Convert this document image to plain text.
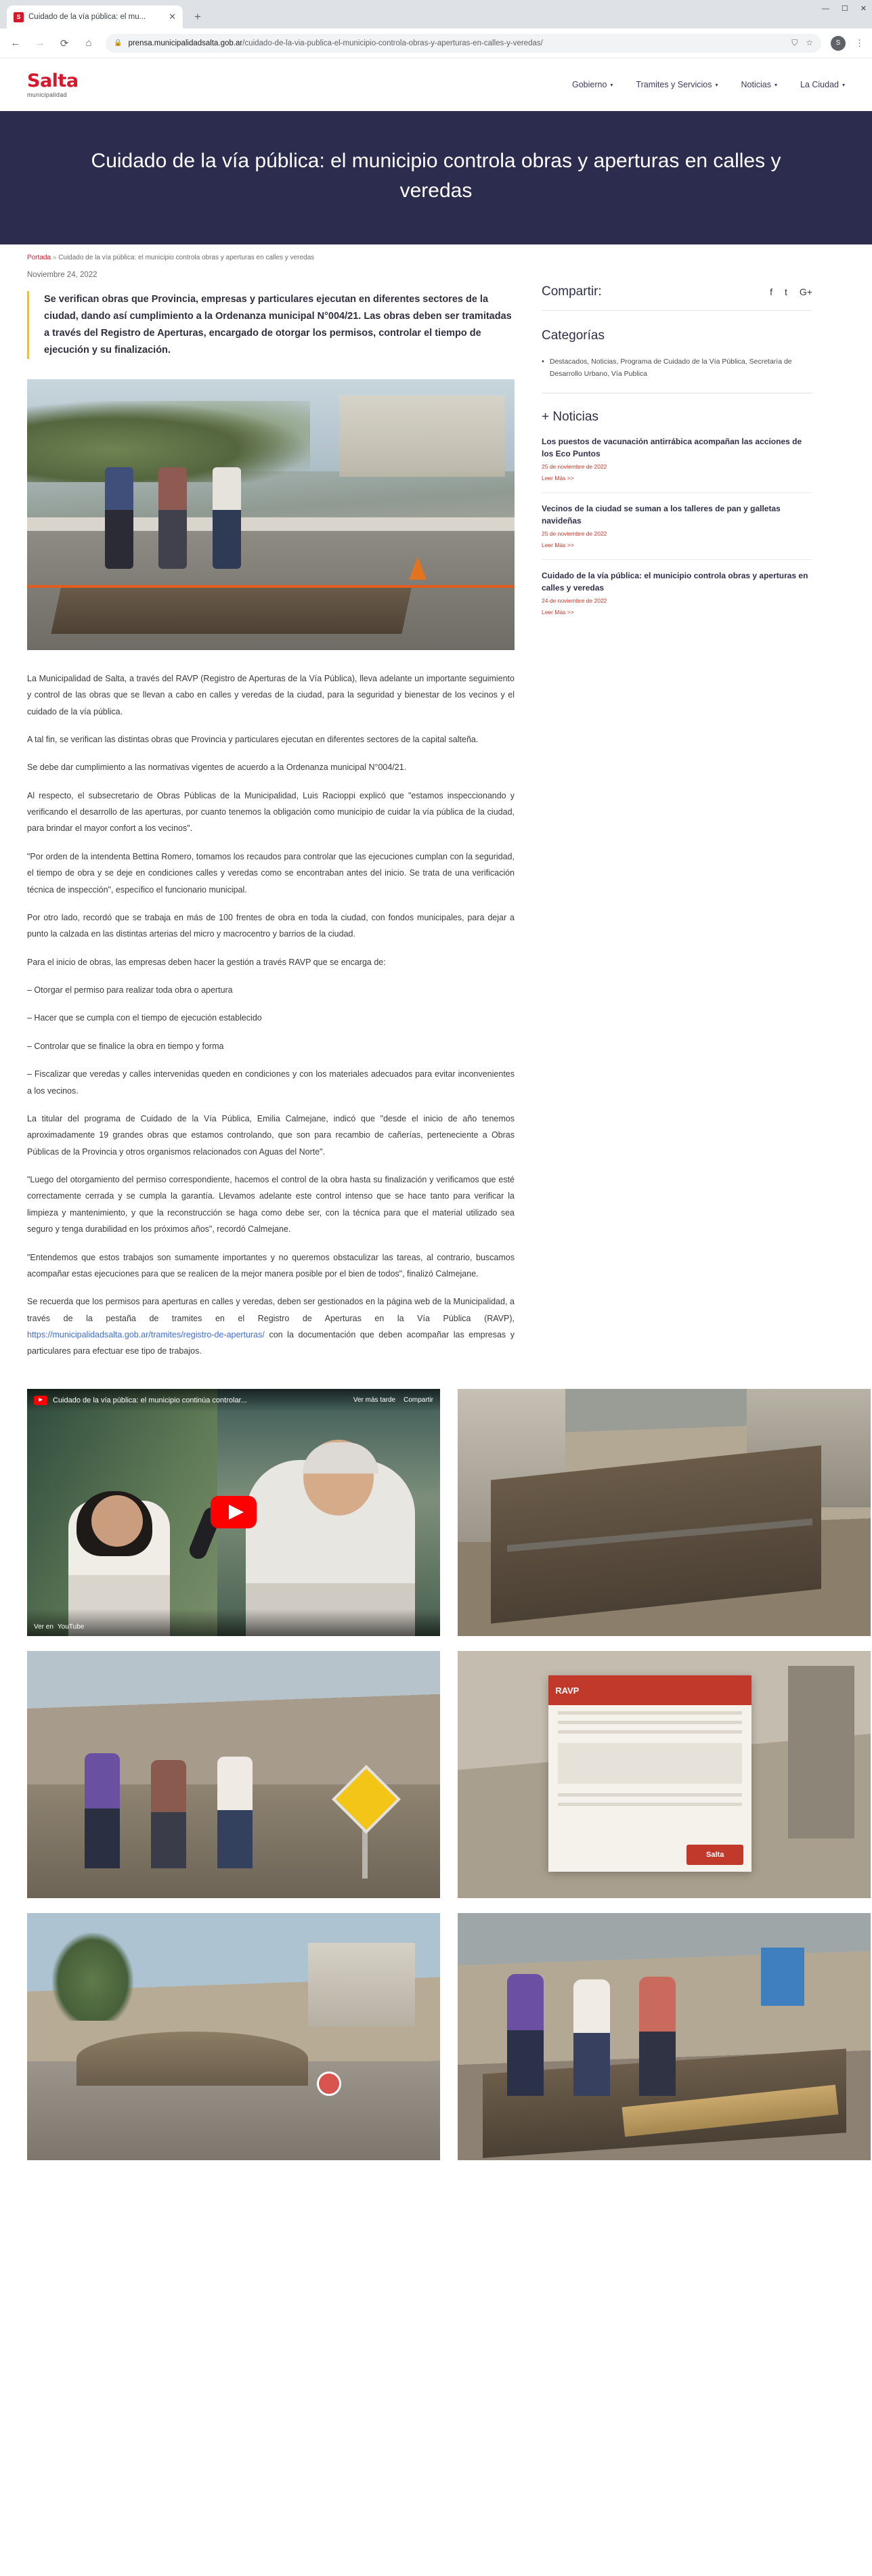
S	Cuidado de la vía pública: el mu...	✕	+
— ☐ ✕
← →	⟳	⌂	🔒 prensa.municipalidadsalta.gob.ar/cuidado-de-la-via-publica-el-municipio-controla-obras-y-aperturas-en-calles-y-veredas/	⛉ ☆	S	⋮
Salta
municipalidad
Gobierno ▾	Tramites y Servicios ▾	Noticias ▾	La Ciudad ▾
Cuidado de la vía pública: el municipio controla obras y aperturas en calles y veredas
Portada » Cuidado de la vía pública: el municipio controla obras y aperturas en calles y veredas
Noviembre 24, 2022

Se verifican obras que Provincia, empresas y particulares ejecutan en diferentes sectores de la ciudad, dando así cumplimiento a la Ordenanza municipal N°004/21. Las obras deben ser tramitadas a través del Registro de Aperturas, encargado de otorgar los permisos, controlar el tiempo de ejecución y su finalización.

La Municipalidad de Salta, a través del RAVP (Registro de Aperturas de la Vía Pública), lleva adelante un importante seguimiento y control de las obras que se llevan a cabo en calles y veredas de la ciudad, para la seguridad y bienestar de los vecinos y el cuidado de la vía pública.

A tal fin, se verifican las distintas obras que Provincia y particulares ejecutan en diferentes sectores de la capital salteña.

Se debe dar cumplimiento a las normativas vigentes de acuerdo a la Ordenanza municipal N°004/21.

Al respecto, el subsecretario de Obras Públicas de la Municipalidad, Luis Racioppi explicó que "estamos inspeccionando y verificando el desarrollo de las aperturas, por cuanto tenemos la obligación como municipio de cuidar la vía pública de la ciudad, para brindar el mayor confort a los vecinos".

"Por orden de la intendenta Bettina Romero, tomamos los recaudos para controlar que las ejecuciones cumplan con la seguridad, el tiempo de obra y se deje en condiciones calles y veredas como se encontraban antes del inicio. Se trata de una verificación técnica de inspección", específico el funcionario municipal.

Por otro lado, recordó que se trabaja en más de 100 frentes de obra en toda la ciudad, con fondos municipales, para dejar a punto la calzada en las distintas arterias del micro y macrocentro y barrios de la ciudad.

Para el inicio de obras, las empresas deben hacer la gestión a través RAVP que se encarga de:

– Otorgar el permiso para realizar toda obra o apertura

– Hacer que se cumpla con el tiempo de ejecución establecido

– Controlar que se finalice la obra en tiempo y forma

– Fiscalizar que veredas y calles intervenidas queden en condiciones y con los materiales adecuados para evitar inconvenientes a los vecinos.

La titular del programa de Cuidado de la Vía Pública, Emilia Calmejane, indicó que "desde el inicio de año tenemos aproximadamente 19 grandes obras que estamos controlando, que son para recambio de cañerías, perteneciente a Obras Públicas de la Provincia y otros organismos relacionados con Aguas del Norte".

"Luego del otorgamiento del permiso correspondiente, hacemos el control de la obra hasta su finalización y verificamos que esté correctamente cerrada y se cumpla la garantía. Llevamos adelante este control intenso que se hace tanto para verificar la limpieza y mantenimiento, y que la reconstrucción se haga como debe ser, con la técnica para que el material utilizado sea seguro y tenga durabilidad en los próximos años", recordó Calmejane.

"Entendemos que estos trabajos son sumamente importantes y no queremos obstaculizar las tareas, al contrario, buscamos acompañar estas ejecuciones para que se realicen de la mejor manera posible por el bien de todos", finalizó Calmejane.

Se recuerda que los permisos para aperturas en calles y veredas, deben ser gestionados en la página web de la Municipalidad, a través de la pestaña de tramites en el Registro de Aperturas en la Vía Pública (RAVP), https://municipalidadsalta.gob.ar/tramites/registro-de-aperturas/ con la documentación que deben acompañar las empresas y particulares para efectuar ese tipo de trabajos.

Compartir:	f t G+
Categorías
• Destacados, Noticias, Programa de Cuidado de la Vía Pública, Secretaría de Desarrollo Urbano, Vía Publica
+ Noticias
Los puestos de vacunación antirrábica acompañan las acciones de los Eco Puntos
25 de noviembre de 2022
Leer Más >>
Vecinos de la ciudad se suman a los talleres de pan y galletas navideñas
25 de noviembre de 2022
Leer Más >>
Cuidado de la vía pública: el municipio controla obras y aperturas en calles y veredas
24 de noviembre de 2022
Leer Más >>
Cuidado de la vía pública: el municipio continúa controlar...	Ver más tarde Compartir
Ver en YouTube
RAVP
Salta
